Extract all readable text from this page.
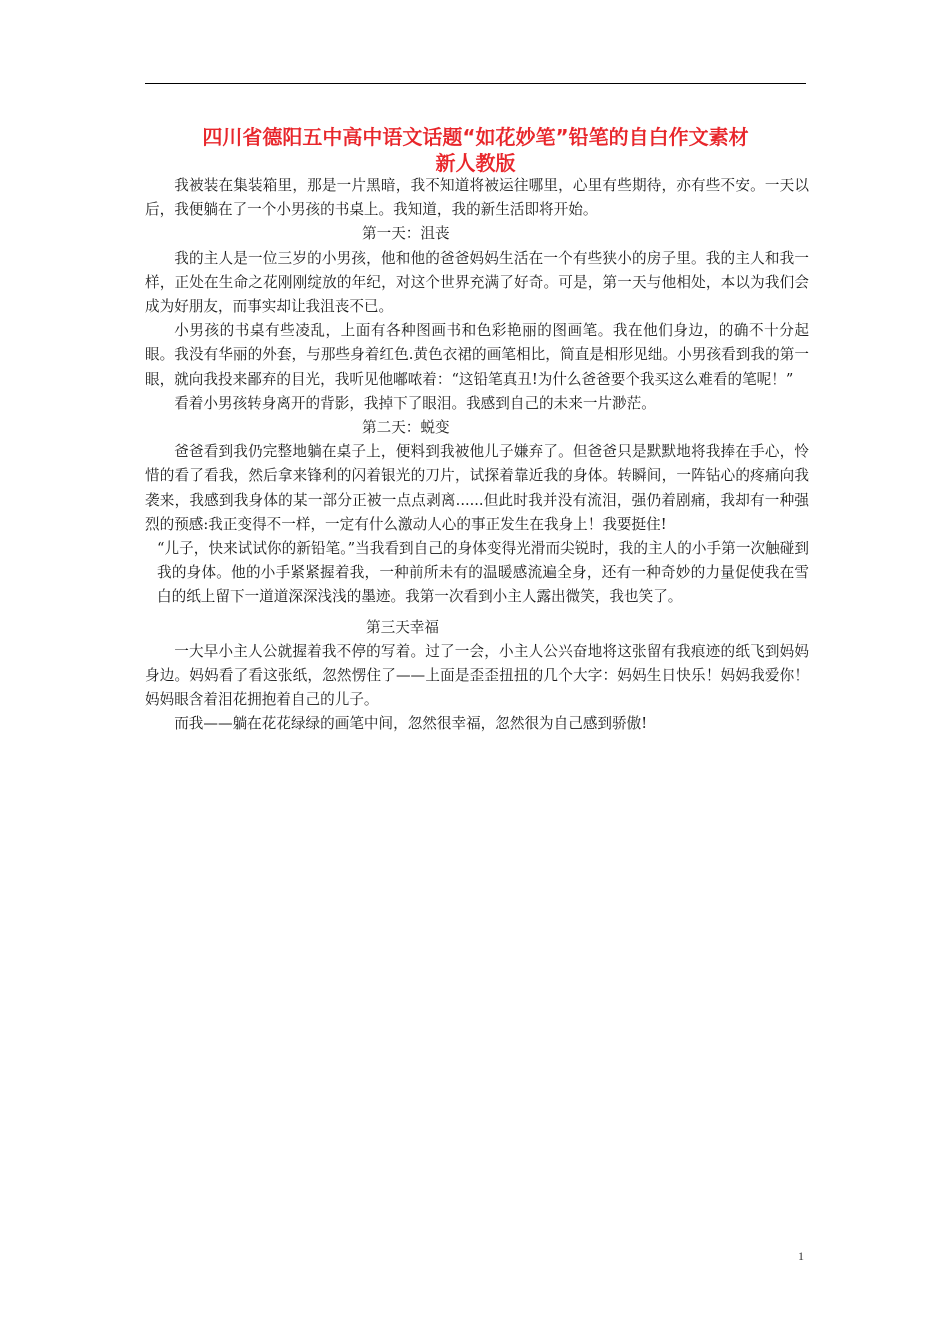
四川省德阳五中高中语文话题“如花妙笔”铅笔的自白作文素材
新人教版

我被装在集装箱里，那是一片黑暗，我不知道将被运往哪里，心里有些期待，亦有些不安。一天以后，我便躺在了一个小男孩的书桌上。我知道，我的新生活即将开始。

第一天：沮丧

我的主人是一位三岁的小男孩，他和他的爸爸妈妈生活在一个有些狭小的房子里。我的主人和我一样，正处在生命之花刚刚绽放的年纪，对这个世界充满了好奇。可是，第一天与他相处，本以为我们会成为好朋友，而事实却让我沮丧不已。

小男孩的书桌有些凌乱，上面有各种图画书和色彩艳丽的图画笔。我在他们身边，的确不十分起眼。我没有华丽的外套，与那些身着红色.黄色衣裙的画笔相比，简直是相形见绌。小男孩看到我的第一眼，就向我投来鄙弃的目光，我听见他嘟哝着：“这铅笔真丑!为什么爸爸要个我买这么难看的笔呢！”

看着小男孩转身离开的背影，我掉下了眼泪。我感到自己的未来一片渺茫。

第二天：蜕变

爸爸看到我仍完整地躺在桌子上，便料到我被他儿子嫌弃了。但爸爸只是默默地将我捧在手心，怜惜的看了看我，然后拿来锋利的闪着银光的刀片，试探着靠近我的身体。转瞬间，一阵钻心的疼痛向我袭来，我感到我身体的某一部分正被一点点剥离......但此时我并没有流泪，强仍着剧痛，我却有一种强烈的预感:我正变得不一样，一定有什么激动人心的事正发生在我身上！我要挺住!

“儿子，快来试试你的新铅笔。”当我看到自己的身体变得光滑而尖锐时，我的主人的小手第一次触碰到我的身体。他的小手紧紧握着我，一种前所未有的温暖感流遍全身，还有一种奇妙的力量促使我在雪白的纸上留下一道道深深浅浅的墨迹。我第一次看到小主人露出微笑，我也笑了。

第三天幸福

一大早小主人公就握着我不停的写着。过了一会，小主人公兴奋地将这张留有我痕迹的纸飞到妈妈身边。妈妈看了看这张纸，忽然愣住了——上面是歪歪扭扭的几个大字：妈妈生日快乐！妈妈我爱你！妈妈眼含着泪花拥抱着自己的儿子。

而我——躺在花花绿绿的画笔中间，忽然很幸福，忽然很为自己感到骄傲!

1
